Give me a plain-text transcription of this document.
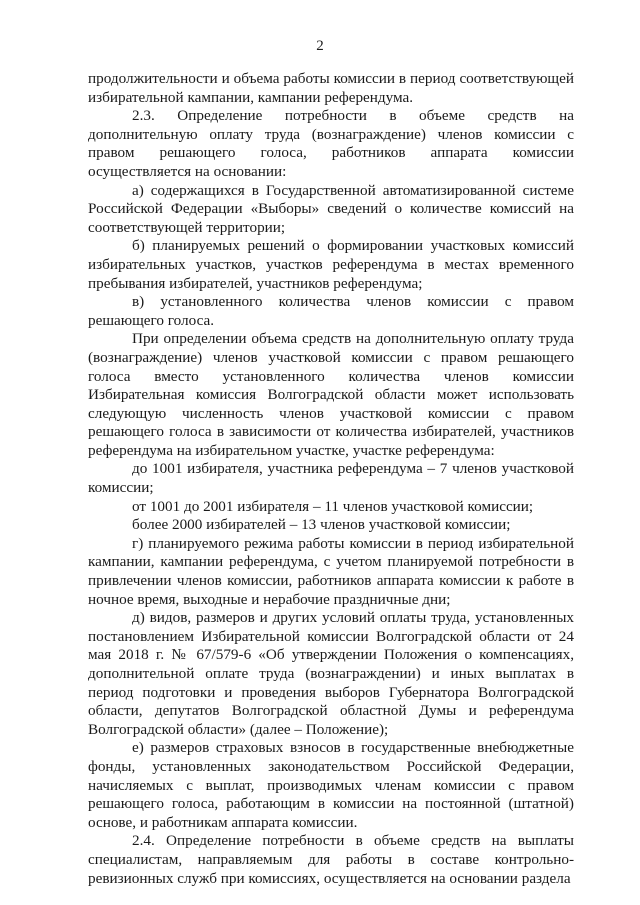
2

продолжительности и объема работы комиссии в период соответствующей избирательной кампании, кампании референдума.

2.3. Определение потребности в объеме средств на дополнительную оплату труда (вознаграждение) членов комиссии с правом решающего голоса, работников аппарата комиссии осуществляется на основании:

а) содержащихся в Государственной автоматизированной системе Российской Федерации «Выборы» сведений о количестве комиссий на соответствующей территории;

б) планируемых решений о формировании участковых комиссий избирательных участков, участков референдума в местах временного пребывания избирателей, участников референдума;

в) установленного количества членов комиссии с правом решающего голоса.

При определении объема средств на дополнительную оплату труда (вознаграждение) членов участковой комиссии с правом решающего голоса вместо установленного количества членов комиссии Избирательная комиссия Волгоградской области может использовать следующую численность членов участковой комиссии с правом решающего голоса в зависимости от количества избирателей, участников референдума на избирательном участке, участке референдума:

до 1001 избирателя, участника референдума – 7 членов участковой комиссии;

от 1001 до 2001 избирателя – 11 членов участковой комиссии;

более 2000 избирателей – 13 членов участковой комиссии;

г) планируемого режима работы комиссии в период избирательной кампании, кампании референдума, с учетом планируемой потребности в привлечении членов комиссии, работников аппарата комиссии к работе в ночное время, выходные и нерабочие праздничные дни;

д) видов, размеров и других условий оплаты труда, установленных постановлением Избирательной комиссии Волгоградской области от 24 мая 2018 г. № 67/579-6 «Об утверждении Положения о компенсациях, дополнительной оплате труда (вознаграждении) и иных выплатах в период подготовки и проведения выборов Губернатора Волгоградской области, депутатов Волгоградской областной Думы и референдума Волгоградской области» (далее – Положение);

е) размеров страховых взносов в государственные внебюджетные фонды, установленных законодательством Российской Федерации, начисляемых с выплат, производимых членам комиссии с правом решающего голоса, работающим в комиссии на постоянной (штатной) основе, и работникам аппарата комиссии.

2.4. Определение потребности в объеме средств на выплаты специалистам, направляемым для работы в составе контрольно-ревизионных служб при комиссиях, осуществляется на основании раздела
